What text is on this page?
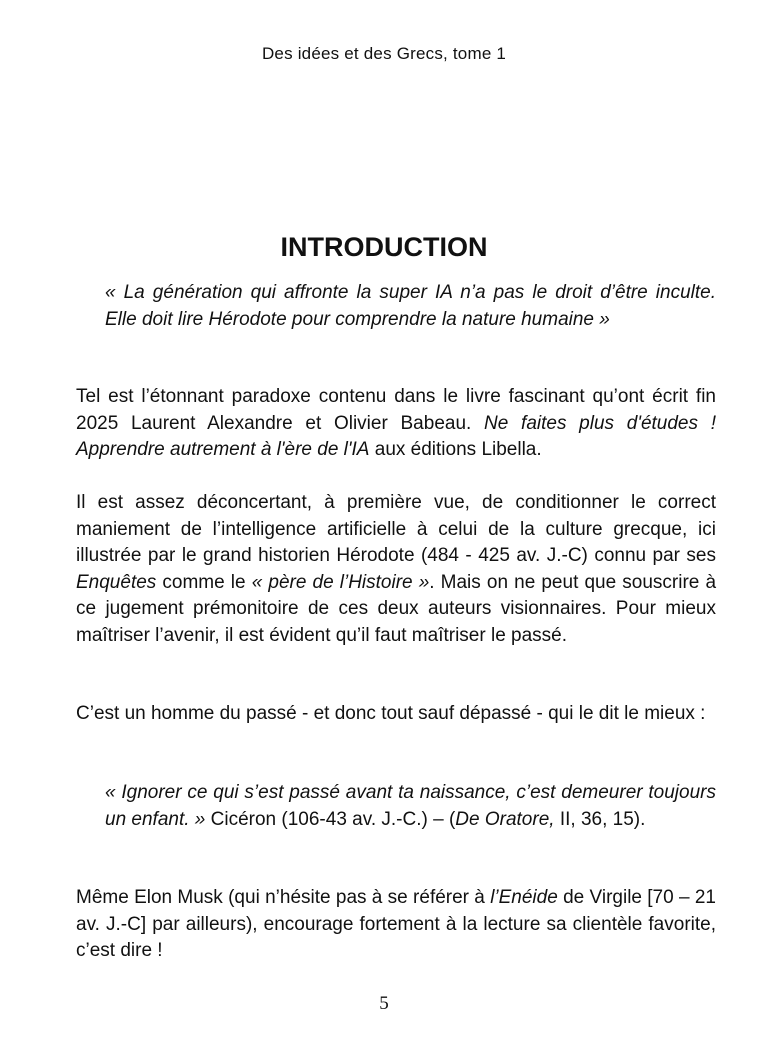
Des idées et des Grecs, tome 1
INTRODUCTION

« La génération qui affronte la super IA n’a pas le droit d’être inculte. Elle doit lire Hérodote pour comprendre la nature humaine »

Tel est l’étonnant paradoxe contenu dans le livre fascinant qu’ont écrit fin 2025 Laurent Alexandre et Olivier Babeau. Ne faites plus d'études ! Apprendre autrement à l'ère de l'IA aux éditions Libella.

Il est assez déconcertant, à première vue, de conditionner le correct maniement de l’intelligence artificielle à celui de la culture grecque, ici illustrée par le grand historien Hérodote (484 - 425 av. J.-C) connu par ses Enquêtes comme le « père de l’Histoire ». Mais on ne peut que souscrire à ce jugement prémonitoire de ces deux auteurs visionnaires. Pour mieux maîtriser l’avenir, il est évident qu’il faut maîtriser le passé.

C’est un homme du passé - et donc tout sauf dépassé - qui le dit le mieux :

« Ignorer ce qui s’est passé avant ta naissance, c’est demeurer toujours un enfant. » Cicéron (106-43 av. J.-C.) – (De Oratore, II, 36, 15).

Même Elon Musk (qui n’hésite pas à se référer à l’Enéide de Virgile [70 – 21 av. J.-C] par ailleurs), encourage fortement à la lecture sa clientèle favorite, c’est dire !

5
